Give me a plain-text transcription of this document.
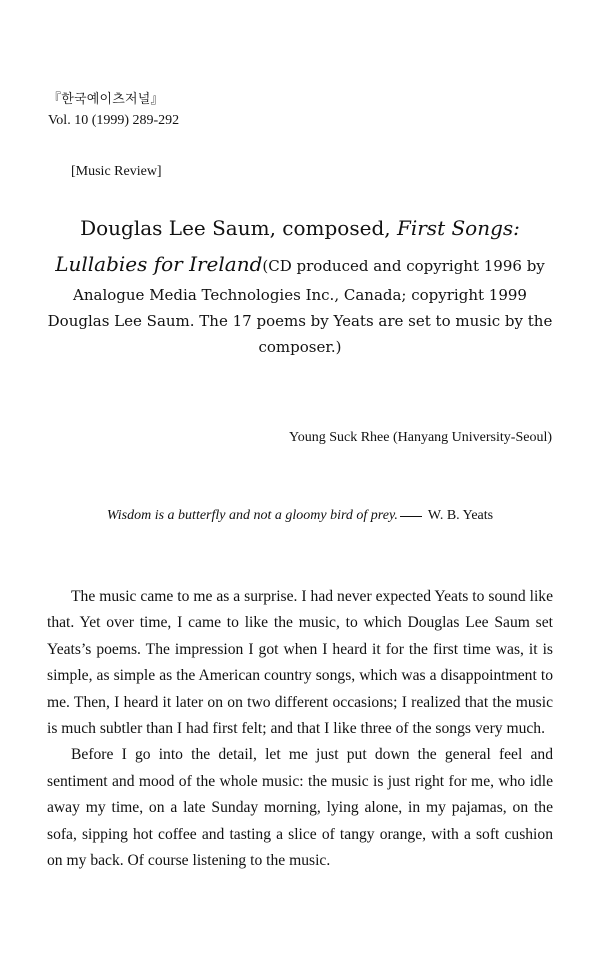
『한국예이츠저널』
Vol. 10 (1999) 289-292
[Music Review]
Douglas Lee Saum, composed, First Songs:
Lullabies for Ireland(CD produced and copyright 1996 by Analogue Media Technologies Inc., Canada; copyright 1999 Douglas Lee Saum. The 17 poems by Yeats are set to music by the composer.)
Young Suck Rhee (Hanyang University-Seoul)
Wisdom is a butterfly and not a gloomy bird of prey. W. B. Yeats

The music came to me as a surprise. I had never expected Yeats to sound like that. Yet over time, I came to like the music, to which Douglas Lee Saum set Yeats’s poems. The impression I got when I heard it for the first time was, it is simple, as simple as the American country songs, which was a disappointment to me. Then, I heard it later on on two different occasions; I realized that the music is much subtler than I had first felt; and that I like three of the songs very much.

Before I go into the detail, let me just put down the general feel and sentiment and mood of the whole music: the music is just right for me, who idle away my time, on a late Sunday morning, lying alone, in my pajamas, on the sofa, sipping hot coffee and tasting a slice of tangy orange, with a soft cushion on my back. Of course listening to the music.
